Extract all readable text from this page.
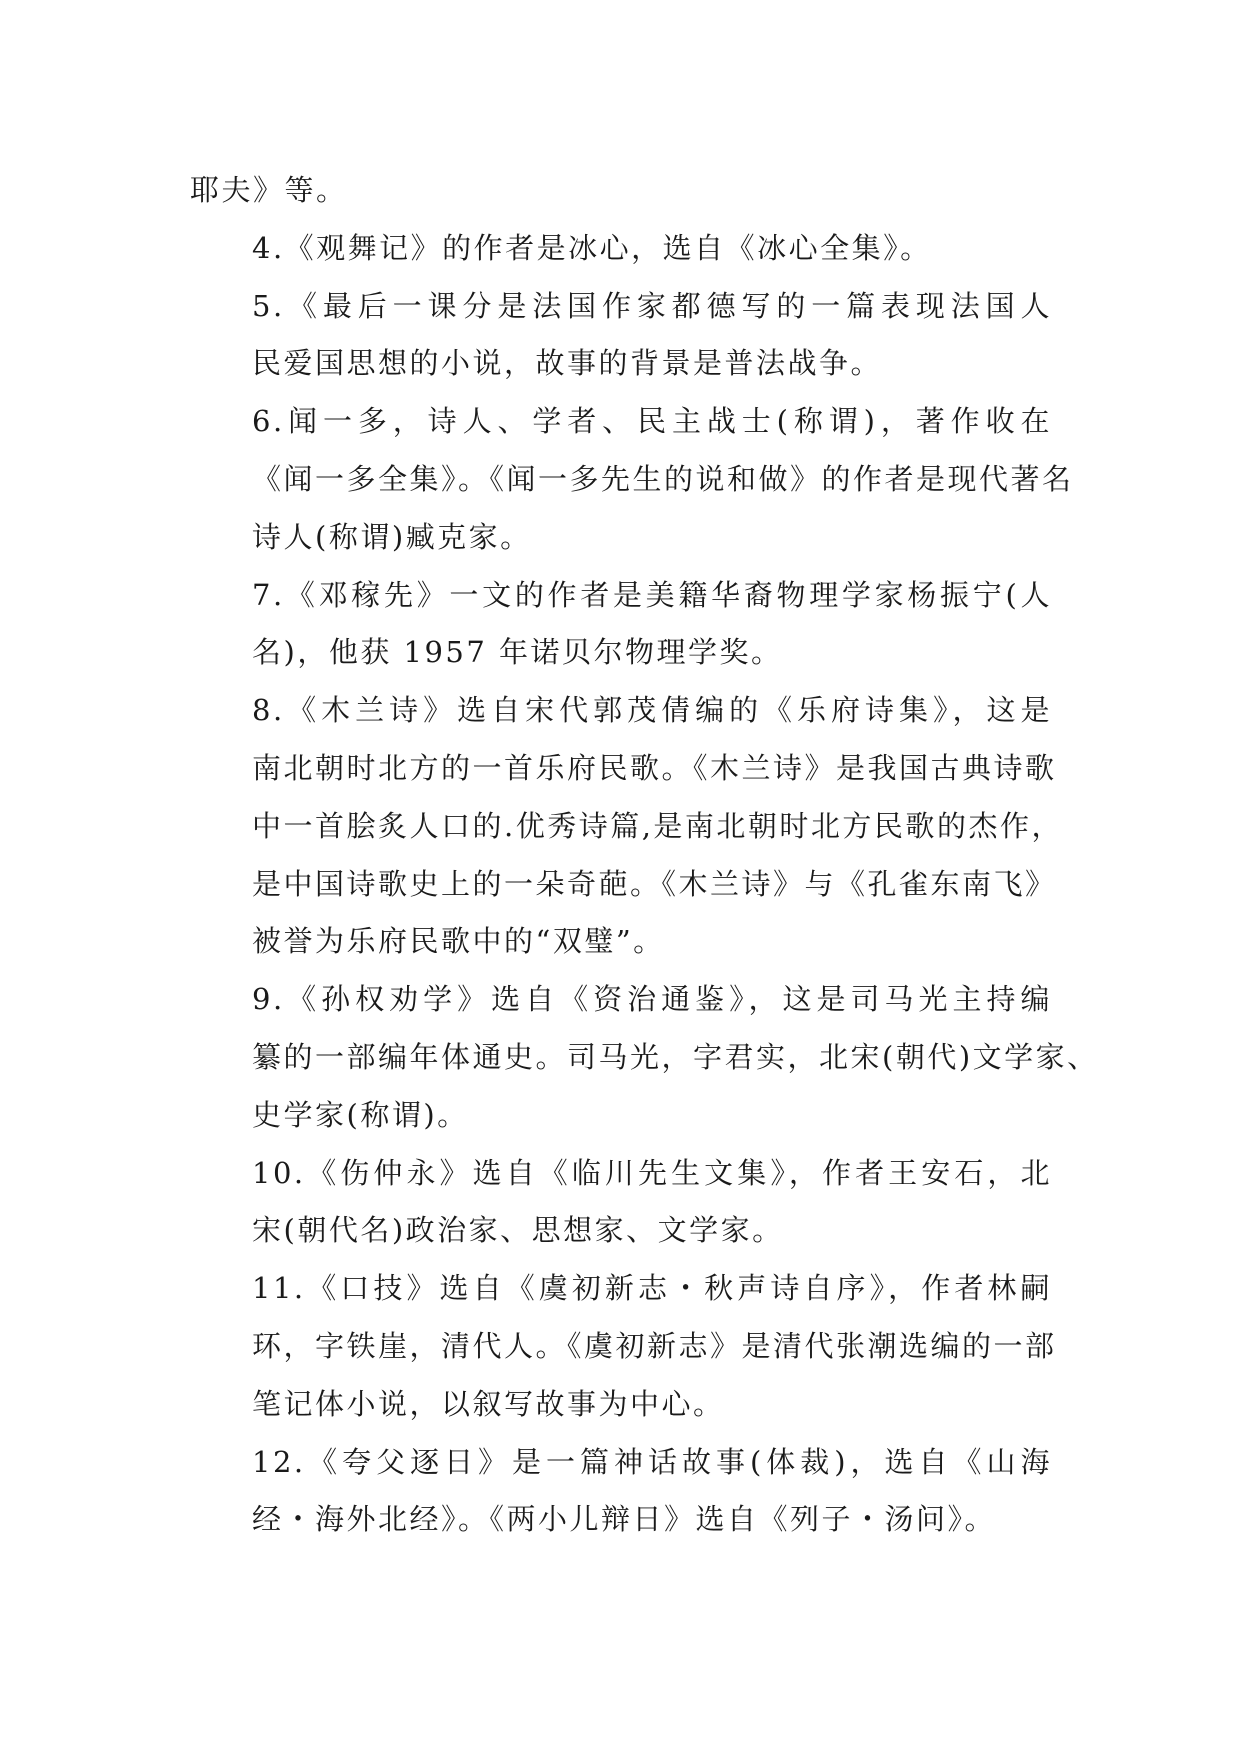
耶夫》等。

4.《观舞记》的作者是冰心，选自《冰心全集》。

5.《最后一课分是法国作家都德写的一篇表现法国人
民爱国思想的小说，故事的背景是普法战争。

6.闻一多，诗人、学者、民主战士(称谓)，著作收在
《闻一多全集》。《闻一多先生的说和做》的作者是现代著名
诗人(称谓)臧克家。

7.《邓稼先》一文的作者是美籍华裔物理学家杨振宁(人
名)，他获 1957 年诺贝尔物理学奖。

8.《木兰诗》选自宋代郭茂倩编的《乐府诗集》，这是
南北朝时北方的一首乐府民歌。《木兰诗》是我国古典诗歌
中一首脍炙人口的.优秀诗篇,是南北朝时北方民歌的杰作，
是中国诗歌史上的一朵奇葩。《木兰诗》与《孔雀东南飞》
被誉为乐府民歌中的“双璧”。

9.《孙权劝学》选自《资治通鉴》，这是司马光主持编
纂的一部编年体通史。司马光，字君实，北宋(朝代)文学家、
史学家(称谓)。

10.《伤仲永》选自《临川先生文集》，作者王安石，北
宋(朝代名)政治家、思想家、文学家。

11.《口技》选自《虞初新志・秋声诗自序》，作者林嗣
环，字铁崖，清代人。《虞初新志》是清代张潮选编的一部
笔记体小说，以叙写故事为中心。

12.《夸父逐日》是一篇神话故事(体裁)，选自《山海
经・海外北经》。《两小儿辩日》选自《列子・汤问》。
